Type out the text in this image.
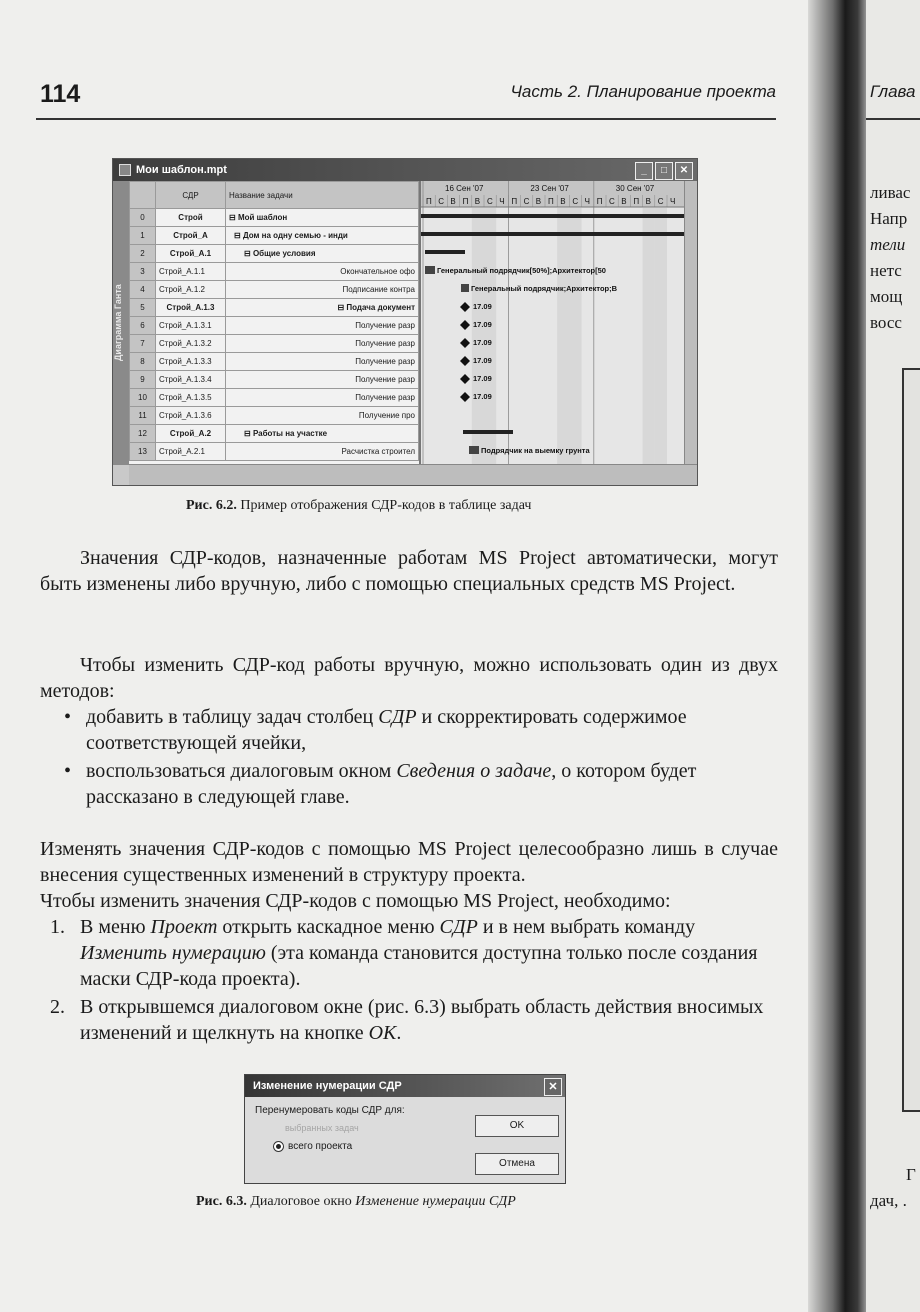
114	Часть 2. Планирование проекта
Мои шаблон.mpt	_	□	✕
Диаграмма Ганта
	СДР	Название задачи
0	Строй	⊟ Мой шаблон
1	Строй_А	⊟ Дом на одну семью - инди
2	Строй_А.1	⊟ Общие условия
3	Строй_А.1.1	Окончательное офо
4	Строй_А.1.2	Подписание контра
5	Строй_А.1.3	⊟ Подача документ
6	Строй_А.1.3.1	Получение разр
7	Строй_А.1.3.2	Получение разр
8	Строй_А.1.3.3	Получение разр
9	Строй_А.1.3.4	Получение разр
10	Строй_А.1.3.5	Получение разр
11	Строй_А.1.3.6	Получение про
12	Строй_А.2	⊟ Работы на участке
13	Строй_А.2.1	Расчистка строител
16 Сен '07	23 Сен '07	30 Сен '07
П С В П В С Ч П С В П В С Ч П С В П В С Ч
Генеральный подрядчик[50%];Архитектор[50
Генеральный подрядчик;Архитектор;В
17.09
17.09
17.09
17.09
17.09
17.09
Подрядчик на выемку грунта
Рис. 6.2. Пример отображения СДР-кодов в таблице задач

Значения СДР-кодов, назначенные работам MS Project автоматически, могут быть изменены либо вручную, либо с помощью специальных средств MS Project.

Чтобы изменить СДР-код работы вручную, можно использовать один из двух методов:

• добавить в таблицу задач столбец СДР и скорректировать содержимое соответствующей ячейки,
• воспользоваться диалоговым окном Сведения о задаче, о котором будет рассказано в следующей главе.

Изменять значения СДР-кодов с помощью MS Project целесообразно лишь в случае внесения существенных изменений в структуру проекта.

Чтобы изменить значения СДР-кодов с помощью MS Project, необходимо:

1. В меню Проект открыть каскадное меню СДР и в нем выбрать команду Изменить нумерацию (эта команда становится доступна только после создания маски СДР-кода проекта).
2. В открывшемся диалоговом окне (рис. 6.3) выбрать область действия вносимых изменений и щелкнуть на кнопке OK.
Изменение нумерации СДР	✕
Перенумеровать коды СДР для:
выбранных задач
всего проекта
OK
Отмена
Рис. 6.3. Диалоговое окно Изменение нумерации СДР
Глава
ливас
Напр
тели
нетс
мощ
восс
Г
дач, .
